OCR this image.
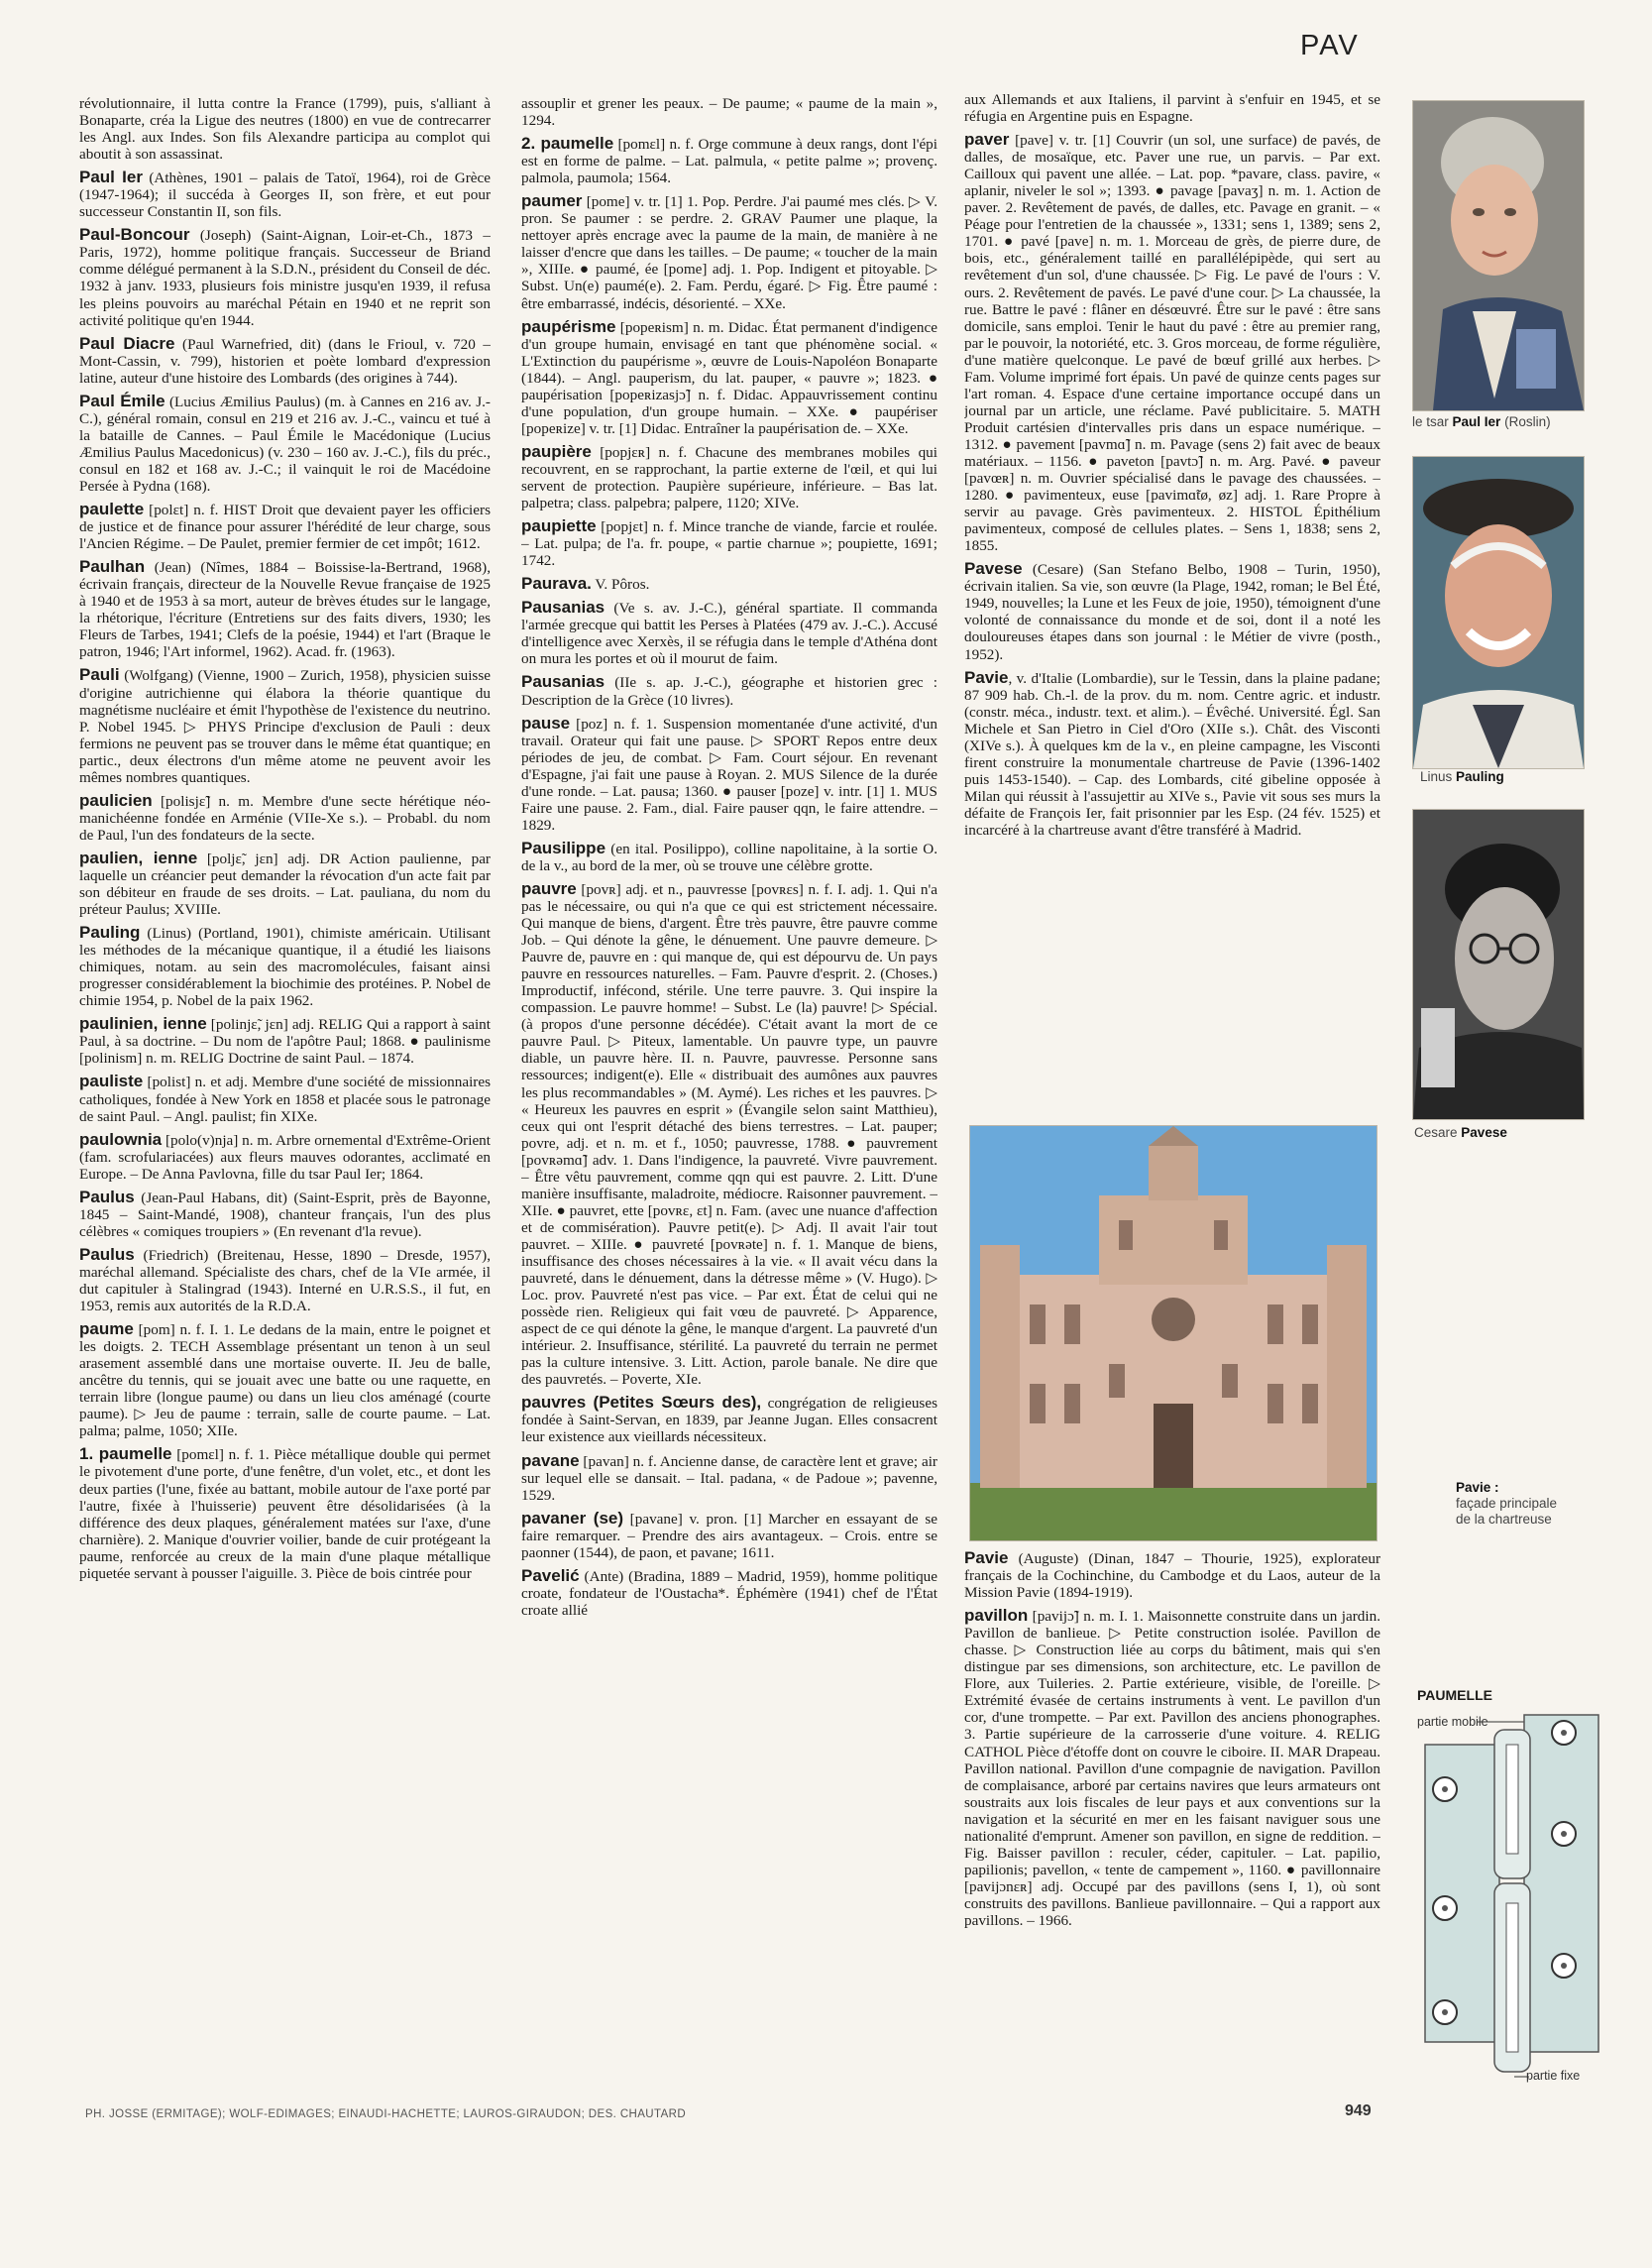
PAV

révolutionnaire, il lutta contre la France (1799), puis, s'alliant à Bonaparte, créa la Ligue des neutres (1800) en vue de contrecarrer les Angl. aux Indes. Son fils Alexandre participa au complot qui aboutit à son assassinat.

Paul Ier (Athènes, 1901 – palais de Tatoï, 1964), roi de Grèce (1947-1964); il succéda à Georges II, son frère, et eut pour successeur Constantin II, son fils.

Paul-Boncour (Joseph) (Saint-Aignan, Loir-et-Ch., 1873 – Paris, 1972), homme politique français. Successeur de Briand comme délégué permanent à la S.D.N., président du Conseil de déc. 1932 à janv. 1933, plusieurs fois ministre jusqu'en 1939, il refusa les pleins pouvoirs au maréchal Pétain en 1940 et ne reprit son activité politique qu'en 1944.

Paul Diacre (Paul Warnefried, dit) (dans le Frioul, v. 720 – Mont-Cassin, v. 799), historien et poète lombard d'expression latine, auteur d'une histoire des Lombards (des origines à 744).

Paul Émile (Lucius Æmilius Paulus) (m. à Cannes en 216 av. J.-C.), général romain, consul en 219 et 216 av. J.-C., vaincu et tué à la bataille de Cannes. – Paul Émile le Macédonique (Lucius Æmilius Paulus Macedonicus) (v. 230 – 160 av. J.-C.), fils du préc., consul en 182 et 168 av. J.-C.; il vainquit le roi de Macédoine Persée à Pydna (168).

paulette [polɛt] n. f. HIST Droit que devaient payer les officiers de justice et de finance pour assurer l'hérédité de leur charge, sous l'Ancien Régime. – De Paulet, premier fermier de cet impôt; 1612.

Paulhan (Jean) (Nîmes, 1884 – Boissise-la-Bertrand, 1968), écrivain français, directeur de la Nouvelle Revue française de 1925 à 1940 et de 1953 à sa mort, auteur de brèves études sur le langage, la rhétorique, l'écriture (Entretiens sur des faits divers, 1930; les Fleurs de Tarbes, 1941; Clefs de la poésie, 1944) et l'art (Braque le patron, 1946; l'Art informel, 1962). Acad. fr. (1963).

Pauli (Wolfgang) (Vienne, 1900 – Zurich, 1958), physicien suisse d'origine autrichienne qui élabora la théorie quantique du magnétisme nucléaire et émit l'hypothèse de l'existence du neutrino. P. Nobel 1945. ▷ PHYS Principe d'exclusion de Pauli : deux fermions ne peuvent pas se trouver dans le même état quantique; en partic., deux électrons d'un même atome ne peuvent avoir les mêmes nombres quantiques.

paulicien [polisjɛ̃] n. m. Membre d'une secte hérétique néo-manichéenne fondée en Arménie (VIIe-Xe s.). – Probabl. du nom de Paul, l'un des fondateurs de la secte.

paulien, ienne [poljɛ̃, jɛn] adj. DR Action paulienne, par laquelle un créancier peut demander la révocation d'un acte fait par son débiteur en fraude de ses droits. – Lat. pauliana, du nom du préteur Paulus; XVIIIe.

Pauling (Linus) (Portland, 1901), chimiste américain. Utilisant les méthodes de la mécanique quantique, il a étudié les liaisons chimiques, notam. au sein des macromolécules, faisant ainsi progresser considérablement la biochimie des protéines. P. Nobel de chimie 1954, p. Nobel de la paix 1962.

paulinien, ienne [polinjɛ̃, jɛn] adj. RELIG Qui a rapport à saint Paul, à sa doctrine. – Du nom de l'apôtre Paul; 1868. ● paulinisme [polinism] n. m. RELIG Doctrine de saint Paul. – 1874.

pauliste [polist] n. et adj. Membre d'une société de missionnaires catholiques, fondée à New York en 1858 et placée sous le patronage de saint Paul. – Angl. paulist; fin XIXe.

paulownia [polo(v)nja] n. m. Arbre ornemental d'Extrême-Orient (fam. scrofulariacées) aux fleurs mauves odorantes, acclimaté en Europe. – De Anna Pavlovna, fille du tsar Paul Ier; 1864.

Paulus (Jean-Paul Habans, dit) (Saint-Esprit, près de Bayonne, 1845 – Saint-Mandé, 1908), chanteur français, l'un des plus célèbres « comiques troupiers » (En revenant d'la revue).

Paulus (Friedrich) (Breitenau, Hesse, 1890 – Dresde, 1957), maréchal allemand. Spécialiste des chars, chef de la VIe armée, il dut capituler à Stalingrad (1943). Interné en U.R.S.S., il fut, en 1953, remis aux autorités de la R.D.A.

paume [pom] n. f. I. 1. Le dedans de la main, entre le poignet et les doigts. 2. TECH Assemblage présentant un tenon à un seul arasement assemblé dans une mortaise ouverte. II. Jeu de balle, ancêtre du tennis, qui se jouait avec une batte ou une raquette, en terrain libre (longue paume) ou dans un lieu clos aménagé (courte paume). ▷ Jeu de paume : terrain, salle de courte paume. – Lat. palma; palme, 1050; XIIe.

1. paumelle [pomɛl] n. f. 1. Pièce métallique double qui permet le pivotement d'une porte, d'une fenêtre, d'un volet, etc., et dont les deux parties (l'une, fixée au battant, mobile autour de l'axe porté par l'autre, fixée à l'huisserie) peuvent être désolidarisées (à la différence des deux plaques, généralement matées sur l'axe, d'une charnière). 2. Manique d'ouvrier voilier, bande de cuir protégeant la paume, renforcée au creux de la main d'une plaque métallique piquetée servant à pousser l'aiguille. 3. Pièce de bois cintrée pour

assouplir et grener les peaux. – De paume; « paume de la main », 1294.

2. paumelle [pomɛl] n. f. Orge commune à deux rangs, dont l'épi est en forme de palme. – Lat. palmula, « petite palme »; provenç. palmola, paumola; 1564.

paumer [pome] v. tr. [1] 1. Pop. Perdre. J'ai paumé mes clés. ▷ V. pron. Se paumer : se perdre. 2. GRAV Paumer une plaque, la nettoyer après encrage avec la paume de la main, de manière à ne laisser d'encre que dans les tailles. – De paume; « toucher de la main », XIIIe. ● paumé, ée [pome] adj. 1. Pop. Indigent et pitoyable. ▷ Subst. Un(e) paumé(e). 2. Fam. Perdu, égaré. ▷ Fig. Être paumé : être embarrassé, indécis, désorienté. – XXe.

paupérisme [popeʀism] n. m. Didac. État permanent d'indigence d'un groupe humain, envisagé en tant que phénomène social. « L'Extinction du paupérisme », œuvre de Louis-Napoléon Bonaparte (1844). – Angl. pauperism, du lat. pauper, « pauvre »; 1823. ● paupérisation [popeʀizasjɔ̃] n. f. Didac. Appauvrissement continu d'une population, d'un groupe humain. – XXe. ● paupériser [popeʀize] v. tr. [1] Didac. Entraîner la paupérisation de. – XXe.

paupière [popjɛʀ] n. f. Chacune des membranes mobiles qui recouvrent, en se rapprochant, la partie externe de l'œil, et qui lui servent de protection. Paupière supérieure, inférieure. – Bas lat. palpetra; class. palpebra; palpere, 1120; XIVe.

paupiette [popjɛt] n. f. Mince tranche de viande, farcie et roulée. – Lat. pulpa; de l'a. fr. poupe, « partie charnue »; poupiette, 1691; 1742.

Paurava. V. Pôros.

Pausanias (Ve s. av. J.-C.), général spartiate. Il commanda l'armée grecque qui battit les Perses à Platées (479 av. J.-C.). Accusé d'intelligence avec Xerxès, il se réfugia dans le temple d'Athéna dont on mura les portes et où il mourut de faim.

Pausanias (IIe s. ap. J.-C.), géographe et historien grec : Description de la Grèce (10 livres).

pause [poz] n. f. 1. Suspension momentanée d'une activité, d'un travail. Orateur qui fait une pause. ▷ SPORT Repos entre deux périodes de jeu, de combat. ▷ Fam. Court séjour. En revenant d'Espagne, j'ai fait une pause à Royan. 2. MUS Silence de la durée d'une ronde. – Lat. pausa; 1360. ● pauser [poze] v. intr. [1] 1. MUS Faire une pause. 2. Fam., dial. Faire pauser qqn, le faire attendre. – 1829.

Pausilippe (en ital. Posilippo), colline napolitaine, à la sortie O. de la v., au bord de la mer, où se trouve une célèbre grotte.

pauvre [povʀ] adj. et n., pauvresse [povʀɛs] n. f. I. adj. 1. Qui n'a pas le nécessaire, ou qui n'a que ce qui est strictement nécessaire. Qui manque de biens, d'argent. Être très pauvre, être pauvre comme Job. – Qui dénote la gêne, le dénuement. Une pauvre demeure. ▷ Pauvre de, pauvre en : qui manque de, qui est dépourvu de. Un pays pauvre en ressources naturelles. – Fam. Pauvre d'esprit. 2. (Choses.) Improductif, infécond, stérile. Une terre pauvre. 3. Qui inspire la compassion. Le pauvre homme! – Subst. Le (la) pauvre! ▷ Spécial. (à propos d'une personne décédée). C'était avant la mort de ce pauvre Paul. ▷ Piteux, lamentable. Un pauvre type, un pauvre diable, un pauvre hère. II. n. Pauvre, pauvresse. Personne sans ressources; indigent(e). Elle « distribuait des aumônes aux pauvres les plus recommandables » (M. Aymé). Les riches et les pauvres. ▷ « Heureux les pauvres en esprit » (Évangile selon saint Matthieu), ceux qui ont l'esprit détaché des biens terrestres. – Lat. pauper; povre, adj. et n. m. et f., 1050; pauvresse, 1788. ● pauvrement [povʀəmɑ̃] adv. 1. Dans l'indigence, la pauvreté. Vivre pauvrement. – Être vêtu pauvrement, comme qqn qui est pauvre. 2. Litt. D'une manière insuffisante, maladroite, médiocre. Raisonner pauvrement. – XIIe. ● pauvret, ette [povʀɛ, ɛt] n. Fam. (avec une nuance d'affection et de commisération). Pauvre petit(e). ▷ Adj. Il avait l'air tout pauvret. – XIIIe. ● pauvreté [povʀəte] n. f. 1. Manque de biens, insuffisance des choses nécessaires à la vie. « Il avait vécu dans la pauvreté, dans le dénuement, dans la détresse même » (V. Hugo). ▷ Loc. prov. Pauvreté n'est pas vice. – Par ext. État de celui qui ne possède rien. Religieux qui fait vœu de pauvreté. ▷ Apparence, aspect de ce qui dénote la gêne, le manque d'argent. La pauvreté d'un intérieur. 2. Insuffisance, stérilité. La pauvreté du terrain ne permet pas la culture intensive. 3. Litt. Action, parole banale. Ne dire que des pauvretés. – Poverte, XIe.

pauvres (Petites Sœurs des), congrégation de religieuses fondée à Saint-Servan, en 1839, par Jeanne Jugan. Elles consacrent leur existence aux vieillards nécessiteux.

pavane [pavan] n. f. Ancienne danse, de caractère lent et grave; air sur lequel elle se dansait. – Ital. padana, « de Padoue »; pavenne, 1529.

pavaner (se) [pavane] v. pron. [1] Marcher en essayant de se faire remarquer. – Prendre des airs avantageux. – Crois. entre se paonner (1544), de paon, et pavane; 1611.

Pavelić (Ante) (Bradina, 1889 – Madrid, 1959), homme politique croate, fondateur de l'Oustacha*. Éphémère (1941) chef de l'État croate allié

aux Allemands et aux Italiens, il parvint à s'enfuir en 1945, et se réfugia en Argentine puis en Espagne.

paver [pave] v. tr. [1] Couvrir (un sol, une surface) de pavés, de dalles, de mosaïque, etc. Paver une rue, un parvis. – Par ext. Cailloux qui pavent une allée. – Lat. pop. *pavare, class. pavire, « aplanir, niveler le sol »; 1393. ● pavage [pavaʒ] n. m. 1. Action de paver. 2. Revêtement de pavés, de dalles, etc. Pavage en granit. – « Péage pour l'entretien de la chaussée », 1331; sens 1, 1389; sens 2, 1701. ● pavé [pave] n. m. 1. Morceau de grès, de pierre dure, de bois, etc., généralement taillé en parallélépipède, qui sert au revêtement d'un sol, d'une chaussée. ▷ Fig. Le pavé de l'ours : V. ours. 2. Revêtement de pavés. Le pavé d'une cour. ▷ La chaussée, la rue. Battre le pavé : flâner en désœuvré. Être sur le pavé : être sans domicile, sans emploi. Tenir le haut du pavé : être au premier rang, par le pouvoir, la notoriété, etc. 3. Gros morceau, de forme régulière, d'une matière quelconque. Le pavé de bœuf grillé aux herbes. ▷ Fam. Volume imprimé fort épais. Un pavé de quinze cents pages sur l'art roman. 4. Espace d'une certaine importance occupé dans un journal par un article, une réclame. Pavé publicitaire. 5. MATH Produit cartésien d'intervalles pris dans un espace numérique. – 1312. ● pavement [pavmɑ̃] n. m. Pavage (sens 2) fait avec de beaux matériaux. – 1156. ● paveton [pavtɔ̃] n. m. Arg. Pavé. ● paveur [pavœʀ] n. m. Ouvrier spécialisé dans le pavage des chaussées. – 1280. ● pavimenteux, euse [pavimɑ̃tø, øz] adj. 1. Rare Propre à servir au pavage. Grès pavimenteux. 2. HISTOL Épithélium pavimenteux, composé de cellules plates. – Sens 1, 1838; sens 2, 1855.

Pavese (Cesare) (San Stefano Belbo, 1908 – Turin, 1950), écrivain italien. Sa vie, son œuvre (la Plage, 1942, roman; le Bel Été, 1949, nouvelles; la Lune et les Feux de joie, 1950), témoignent d'une volonté de connaissance du monde et de soi, dont il a noté les douloureuses étapes dans son journal : le Métier de vivre (posth., 1952).

Pavie, v. d'Italie (Lombardie), sur le Tessin, dans la plaine padane; 87 909 hab. Ch.-l. de la prov. du m. nom. Centre agric. et industr. (constr. méca., industr. text. et alim.). – Évêché. Université. Égl. San Michele et San Pietro in Ciel d'Oro (XIIe s.). Chât. des Visconti (XIVe s.). À quelques km de la v., en pleine campagne, les Visconti firent construire la monumentale chartreuse de Pavie (1396-1402 puis 1453-1540). – Cap. des Lombards, cité gibeline opposée à Milan qui réussit à l'assujettir au XIVe s., Pavie vit sous ses murs la défaite de François Ier, fait prisonnier par les Esp. (24 fév. 1525) et incarcéré à la chartreuse avant d'être transféré à Madrid.

Pavie (Auguste) (Dinan, 1847 – Thourie, 1925), explorateur français de la Cochinchine, du Cambodge et du Laos, auteur de la Mission Pavie (1894-1919).

pavillon [pavijɔ̃] n. m. I. 1. Maisonnette construite dans un jardin. Pavillon de banlieue. ▷ Petite construction isolée. Pavillon de chasse. ▷ Construction liée au corps du bâtiment, mais qui s'en distingue par ses dimensions, son architecture, etc. Le pavillon de Flore, aux Tuileries. 2. Partie extérieure, visible, de l'oreille. ▷ Extrémité évasée de certains instruments à vent. Le pavillon d'un cor, d'une trompette. – Par ext. Pavillon des anciens phonographes. 3. Partie supérieure de la carrosserie d'une voiture. 4. RELIG CATHOL Pièce d'étoffe dont on couvre le ciboire. II. MAR Drapeau. Pavillon national. Pavillon d'une compagnie de navigation. Pavillon de complaisance, arboré par certains navires que leurs armateurs ont soustraits aux lois fiscales de leur pays et aux conventions sur la navigation et la sécurité en mer en les faisant naviguer sous une nationalité d'emprunt. Amener son pavillon, en signe de reddition. – Fig. Baisser pavillon : reculer, céder, capituler. – Lat. papilio, papilionis; pavellon, « tente de campement », 1160. ● pavillonnaire [pavijɔnɛʀ] adj. Occupé par des pavillons (sens I, 1), où sont construits des pavillons. Banlieue pavillonnaire. – Qui a rapport aux pavillons. – 1966.

le tsar Paul Ier (Roslin)
Linus Pauling
Cesare Pavese
Pavie :
façade principale
de la chartreuse
PAUMELLE
partie mobile
partie fixe
PH. JOSSE (ERMITAGE); WOLF-EDIMAGES; EINAUDI-HACHETTE; LAUROS-GIRAUDON; DES. CHAUTARD	949
